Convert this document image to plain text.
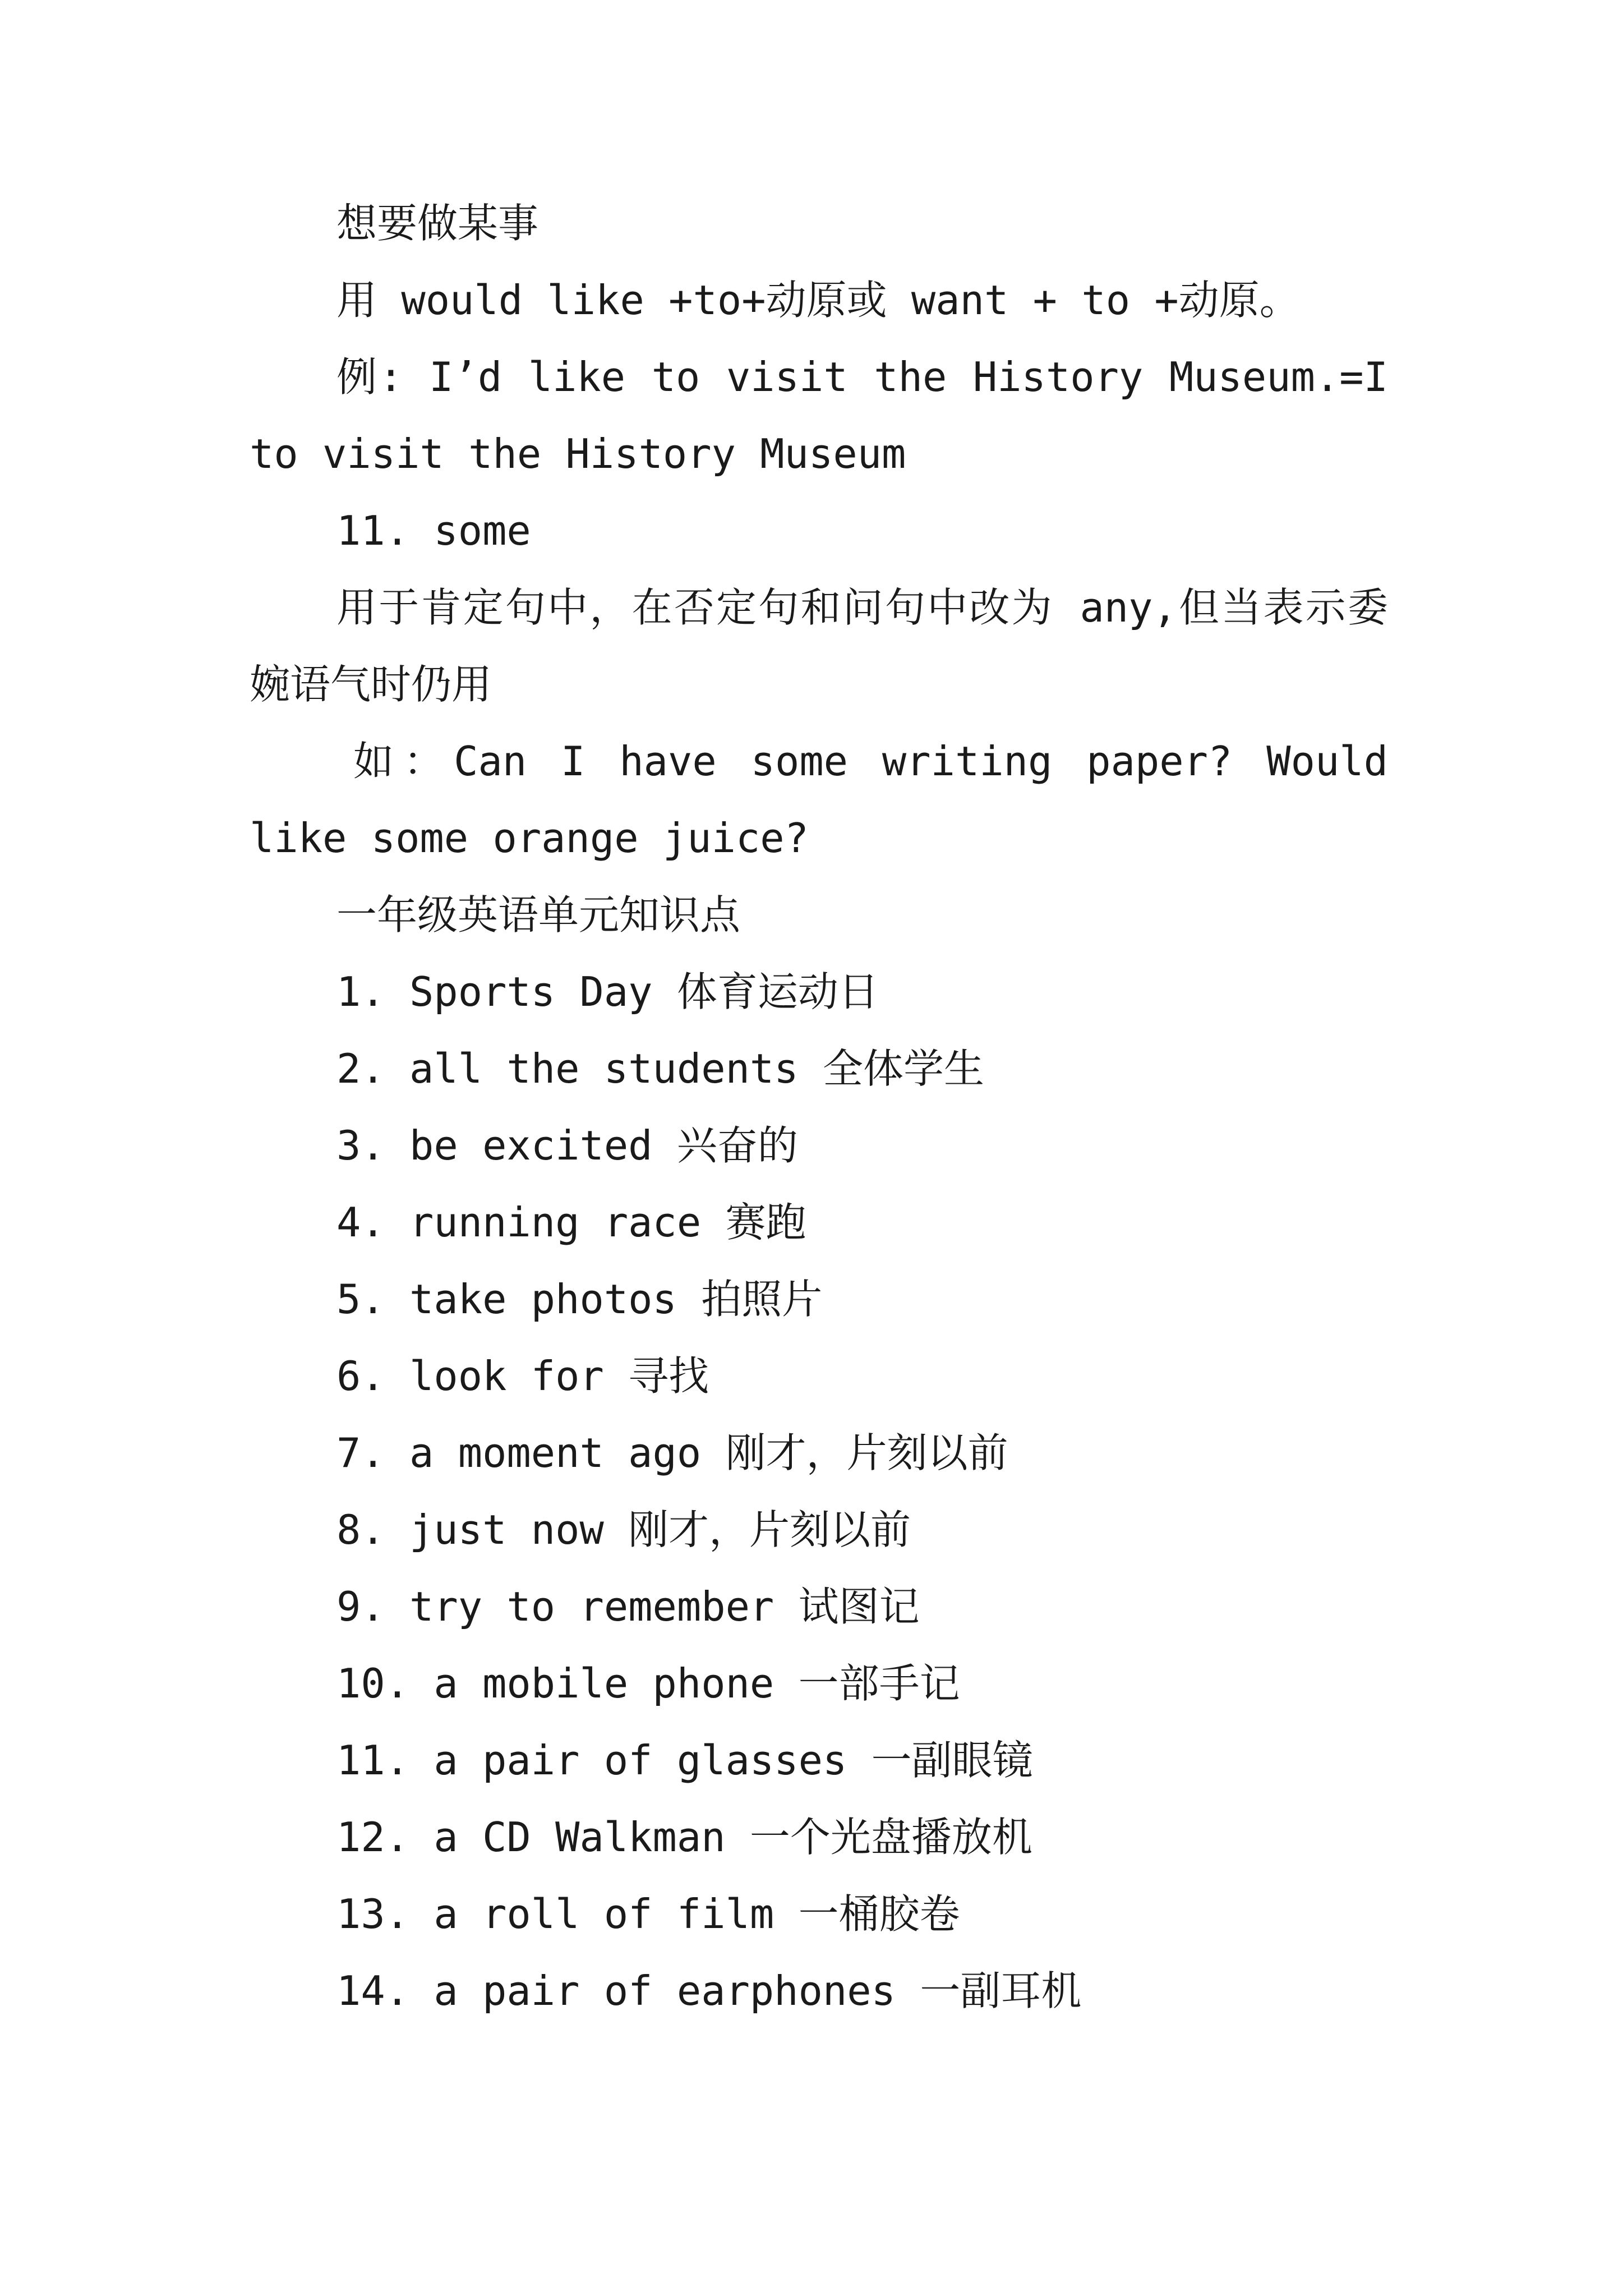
想要做某事
用 would like +to+动原或 want + to +动原。
例: I’d like to visit the History Museum.=I
to visit the History Museum
11. some
用于肯定句中，在否定句和问句中改为 any,但当表示委
婉语气时仍用
如：Can I have some writing paper? Would
like some orange juice?
一年级英语单元知识点
1. Sports Day 体育运动日
2. all the students 全体学生
3. be excited 兴奋的
4. running race 赛跑
5. take photos 拍照片
6. look for 寻找
7. a moment ago 刚才，片刻以前
8. just now 刚才，片刻以前
9. try to remember 试图记
10. a mobile phone 一部手记
11. a pair of glasses 一副眼镜
12. a CD Walkman 一个光盘播放机
13. a roll of film 一桶胶卷
14. a pair of earphones 一副耳机
